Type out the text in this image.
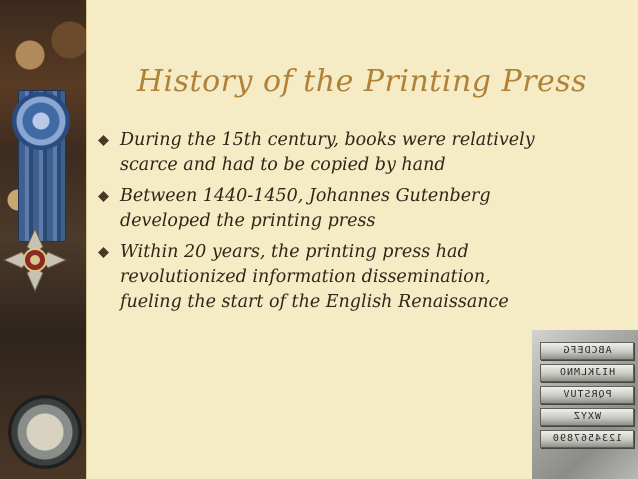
History of the Printing Press
During the 15th century, books were relatively scarce and had to be copied by hand
Between 1440-1450, Johannes Gutenberg developed the printing press
Within 20 years, the printing press had revolutionized information dissemination, fueling the start of the English Renaissance
ABCDEFG
HIJKLMNO
PQRSTUV
WXYZ
1234567890
